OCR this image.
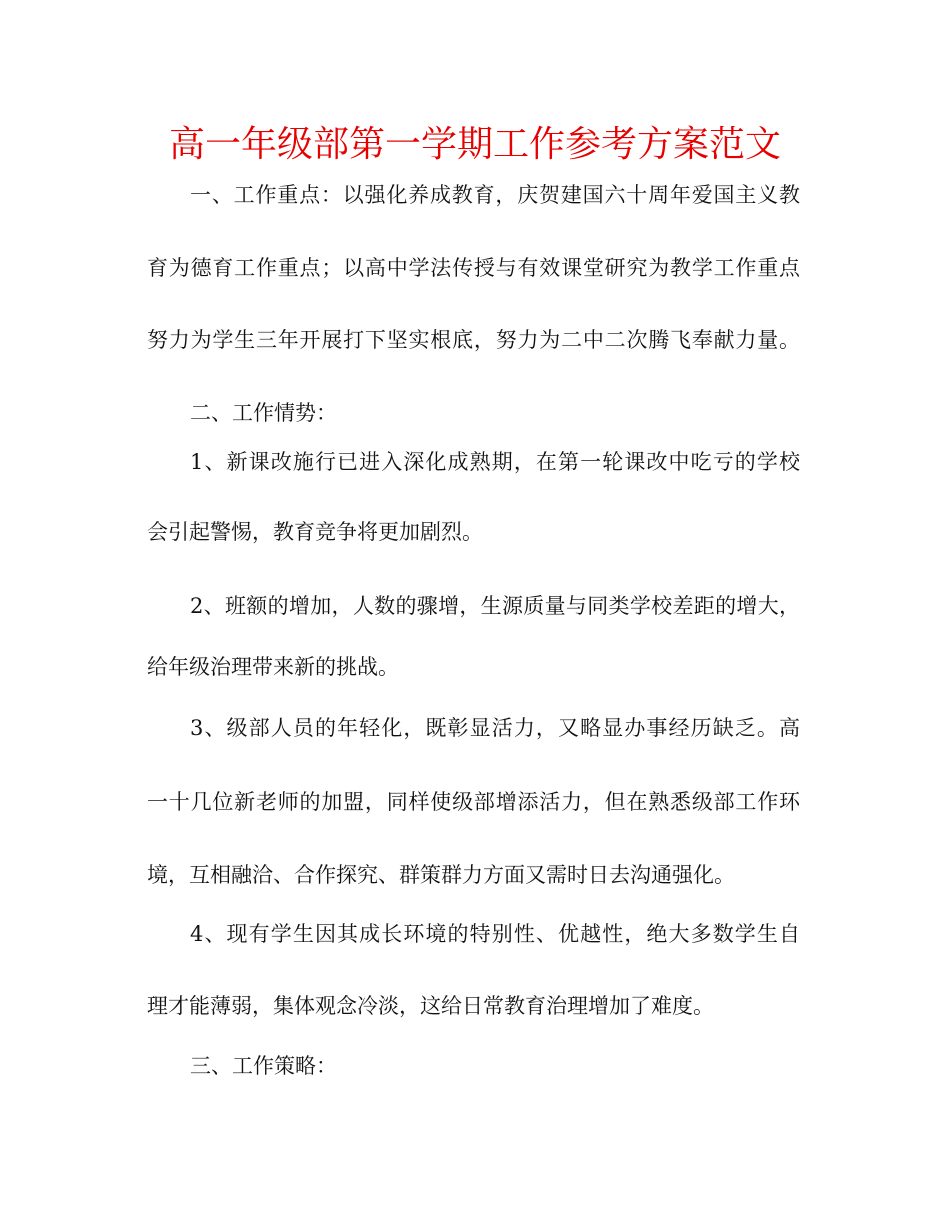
高一年级部第一学期工作参考方案范文
一、工作重点：以强化养成教育，庆贺建国六十周年爱国主义教
育为德育工作重点；以高中学法传授与有效课堂研究为教学工作重点
努力为学生三年开展打下坚实根底，努力为二中二次腾飞奉献力量。
二、工作情势：
1、新课改施行已进入深化成熟期，在第一轮课改中吃亏的学校
会引起警惕，教育竞争将更加剧烈。
2、班额的增加，人数的骤增，生源质量与同类学校差距的增大，
给年级治理带来新的挑战。
3、级部人员的年轻化，既彰显活力，又略显办事经历缺乏。高
一十几位新老师的加盟，同样使级部增添活力，但在熟悉级部工作环
境，互相融洽、合作探究、群策群力方面又需时日去沟通强化。
4、现有学生因其成长环境的特别性、优越性，绝大多数学生自
理才能薄弱，集体观念冷淡，这给日常教育治理增加了难度。
三、工作策略：
